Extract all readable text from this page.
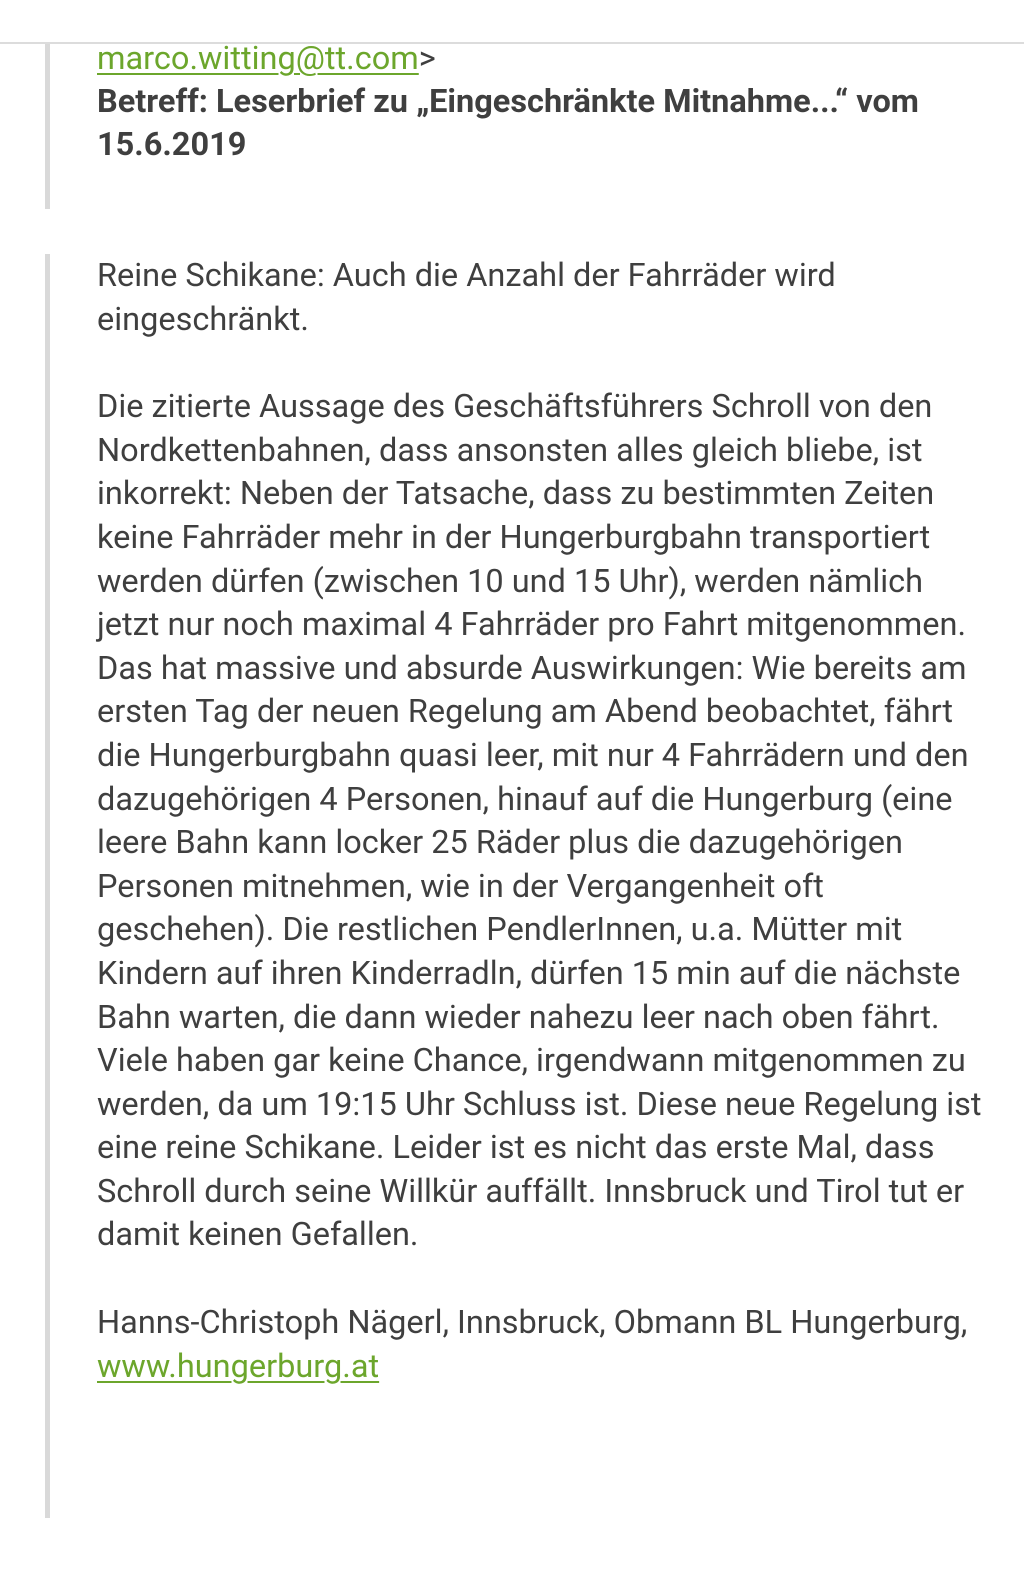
marco.witting@tt.com>
Betreff: Leserbrief zu „Eingeschränkte Mitnahme...“ vom 15.6.2019

Reine Schikane: Auch die Anzahl der Fahrräder wird eingeschränkt.

Die zitierte Aussage des Geschäftsführers Schroll von den Nordkettenbahnen, dass ansonsten alles gleich bliebe, ist inkorrekt: Neben der Tatsache, dass zu bestimmten Zeiten keine Fahrräder mehr in der Hungerburgbahn transportiert werden dürfen (zwischen 10 und 15 Uhr), werden nämlich jetzt nur noch maximal 4 Fahrräder pro Fahrt mitgenommen. Das hat massive und absurde Auswirkungen: Wie bereits am ersten Tag der neuen Regelung am Abend beobachtet, fährt die Hungerburgbahn quasi leer, mit nur 4 Fahrrädern und den dazugehörigen 4 Personen, hinauf auf die Hungerburg (eine leere Bahn kann locker 25 Räder plus die dazugehörigen Personen mitnehmen, wie in der Vergangenheit oft geschehen). Die restlichen PendlerInnen, u.a. Mütter mit Kindern auf ihren Kinderradln, dürfen 15 min auf die nächste Bahn warten, die dann wieder nahezu leer nach oben fährt. Viele haben gar keine Chance, irgendwann mitgenommen zu werden, da um 19:15 Uhr Schluss ist. Diese neue Regelung ist eine reine Schikane. Leider ist es nicht das erste Mal, dass Schroll durch seine Willkür auffällt. Innsbruck und Tirol tut er damit keinen Gefallen.

Hanns-Christoph Nägerl, Innsbruck, Obmann BL Hungerburg, www.hungerburg.at
